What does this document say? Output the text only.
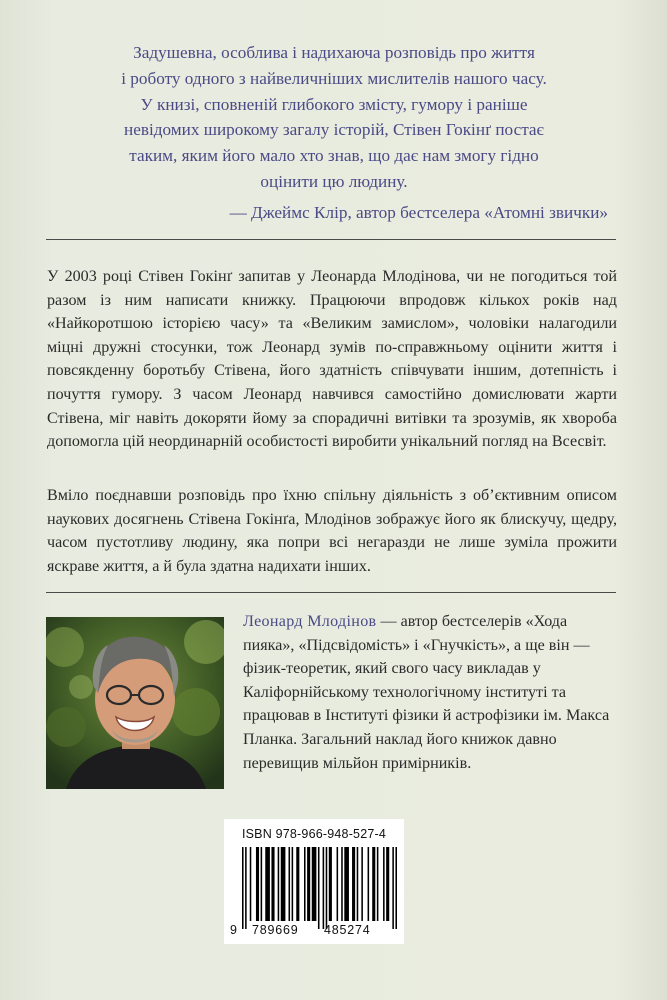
Задушевна, особлива і надихаюча розповідь про життя

і роботу одного з найвеличніших мислителів нашого часу.

У книзі, сповненій глибокого змісту, гумору і раніше

невідомих широкому загалу історій, Стівен Гокінґ постає

таким, яким його мало хто знав, що дає нам змогу гідно

оцінити цю людину.

— Джеймс Клір, автор бестселера «Атомні звички»

У 2003 році Стівен Гокінґ запитав у Леонарда Млодінова, чи не погодиться той разом із ним написати книжку. Працюючи впродовж кількох років над «Найкоротшою історією часу» та «Великим замислом», чоловіки налагодили міцні дружні стосунки, тож Леонард зумів по-справжньому оцінити життя і повсякденну боротьбу Стівена, його здатність співчувати іншим, дотепність і почуття гумору. З часом Леонард навчився самостійно домислювати жарти Стівена, міг навіть докоряти йому за спорадичні витівки та зрозумів, як хвороба допомогла цій неординарній особистості виробити унікальний погляд на Всесвіт.

Вміло поєднавши розповідь про їхню спільну діяльність з об’єктивним описом наукових досягнень Стівена Гокінґа, Млодінов зображує його як блискучу, щедру, часом пустотливу людину, яка попри всі негаразди не лише зуміла прожити яскраве життя, а й була здатна надихати інших.

Леонард Млодінов — автор бестселерів «Хода пияка», «Підсвідомість» і «Гнучкість», а ще він — фізик-теоретик, який свого часу викладав у Каліфорнійському технологічному інституті та працював в Інституті фізики й астрофізики ім. Макса Планка. Загальний наклад його книжок давно перевищив мільйон примірників.
ISBN 978-966-948-527-4
9 789669 485274
